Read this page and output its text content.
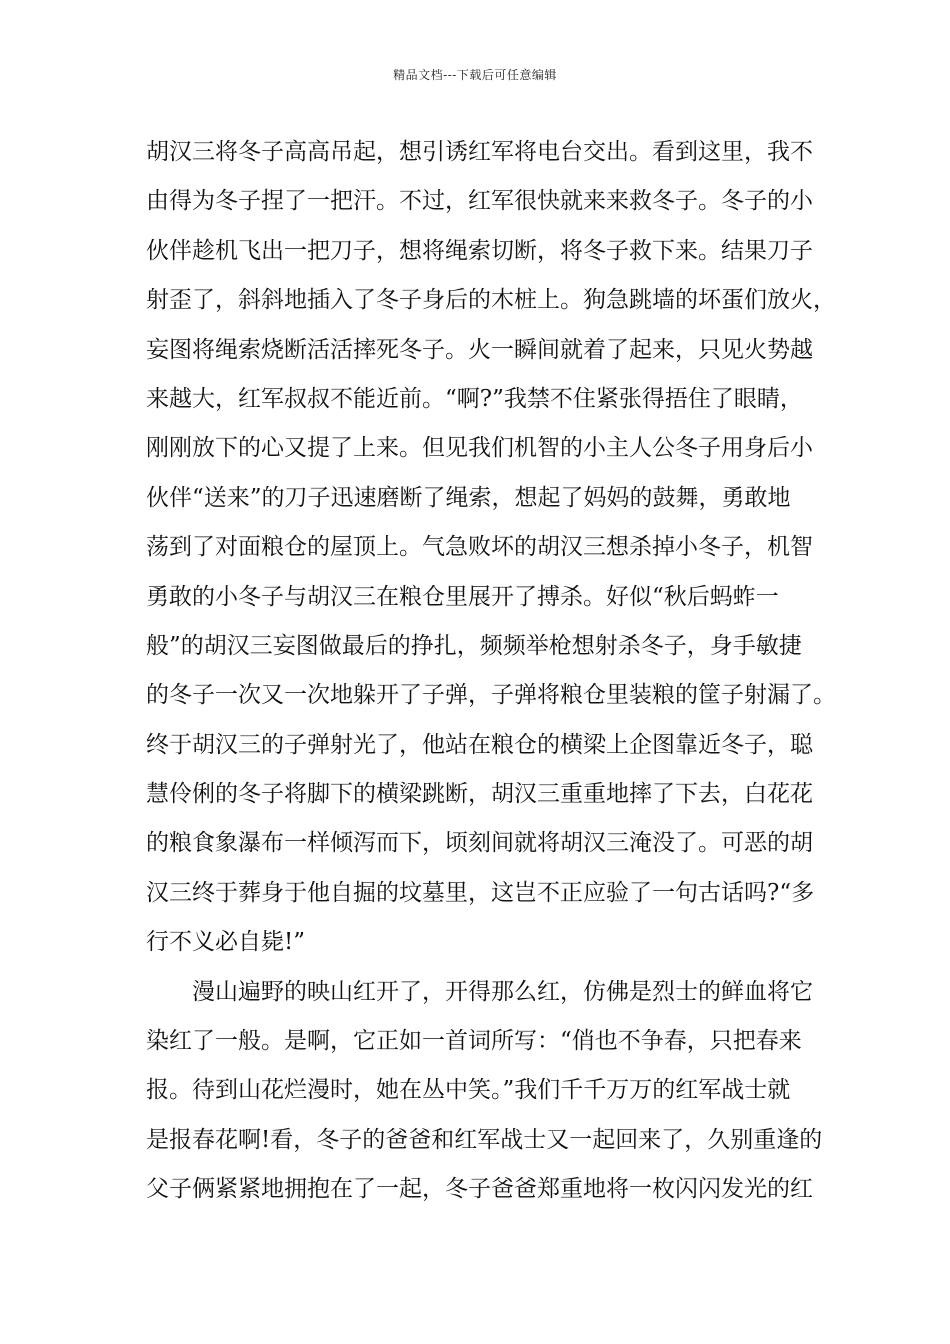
精品文档---下载后可任意编辑
胡汉三将冬子高高吊起，想引诱红军将电台交出。看到这里，我不
由得为冬子捏了一把汗。不过，红军很快就来来救冬子。冬子的小
伙伴趁机飞出一把刀子，想将绳索切断，将冬子救下来。结果刀子
射歪了，斜斜地插入了冬子身后的木桩上。狗急跳墙的坏蛋们放火，
妄图将绳索烧断活活摔死冬子。火一瞬间就着了起来，只见火势越
来越大，红军叔叔不能近前。“啊?”我禁不住紧张得捂住了眼睛，
刚刚放下的心又提了上来。但见我们机智的小主人公冬子用身后小
伙伴“送来”的刀子迅速磨断了绳索，想起了妈妈的鼓舞，勇敢地
荡到了对面粮仓的屋顶上。气急败坏的胡汉三想杀掉小冬子，机智
勇敢的小冬子与胡汉三在粮仓里展开了搏杀。好似“秋后蚂蚱一
般”的胡汉三妄图做最后的挣扎，频频举枪想射杀冬子，身手敏捷
的冬子一次又一次地躲开了子弹，子弹将粮仓里装粮的筐子射漏了。
终于胡汉三的子弹射光了，他站在粮仓的横梁上企图靠近冬子，聪
慧伶俐的冬子将脚下的横梁跳断，胡汉三重重地摔了下去，白花花
的粮食象瀑布一样倾泻而下，顷刻间就将胡汉三淹没了。可恶的胡
汉三终于葬身于他自掘的坟墓里，这岂不正应验了一句古话吗?“多
行不义必自毙!”
漫山遍野的映山红开了，开得那么红，仿佛是烈士的鲜血将它
染红了一般。是啊，它正如一首词所写：“俏也不争春，只把春来
报。待到山花烂漫时，她在丛中笑。”我们千千万万的红军战士就
是报春花啊!看，冬子的爸爸和红军战士又一起回来了，久别重逢的
父子俩紧紧地拥抱在了一起，冬子爸爸郑重地将一枚闪闪发光的红
